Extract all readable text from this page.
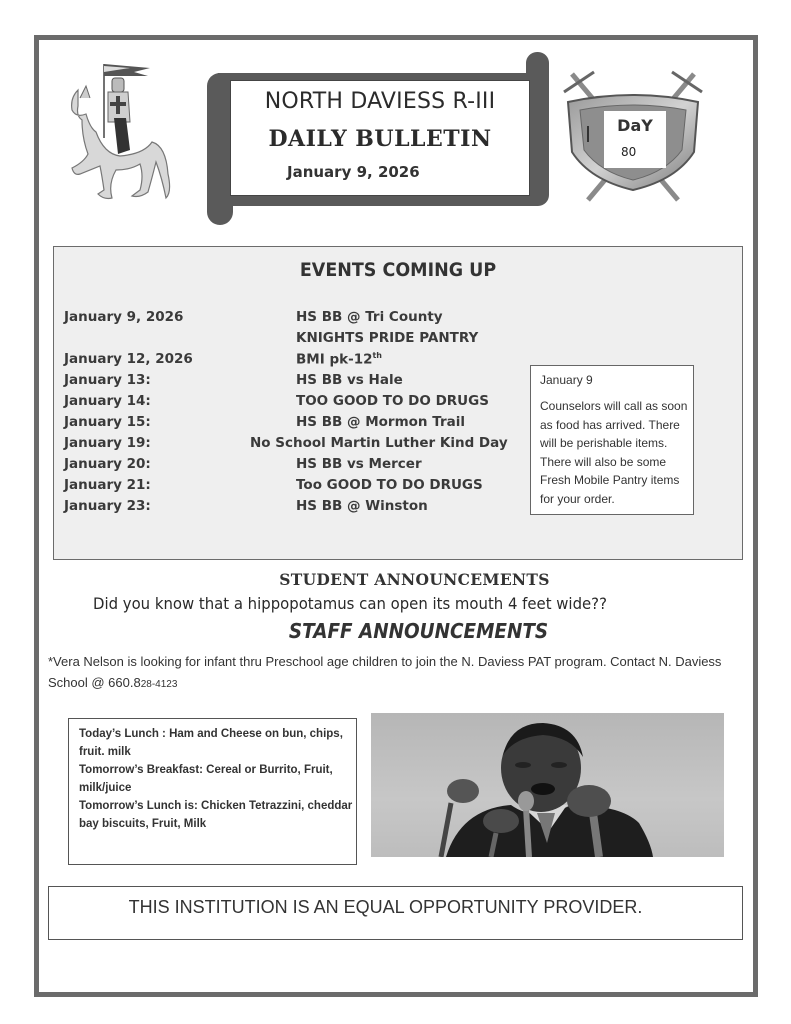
NORTH DAVIESS R-III
DAILY BULLETIN
January 9, 2026
DaY
80
EVENTS COMING UP
January 9, 2026	HS BB @ Tri County
KNIGHTS PRIDE PANTRY
January 12, 2026	BMI pk-12th
January 13:	HS BB vs Hale
January 14:	TOO GOOD TO DO DRUGS
January 15:	HS BB @ Mormon Trail
January 19:	No School Martin Luther Kind Day
January 20:	HS BB vs Mercer
January 21:	Too GOOD TO DO DRUGS
January 23:	HS BB @ Winston
January 9
Counselors will call as soon as food has arrived. There will be perishable items. There will also be some Fresh Mobile Pantry items for your order.
STUDENT ANNOUNCEMENTS
Did you know that a hippopotamus can open its mouth 4 feet wide??
STAFF ANNOUNCEMENTS
*Vera Nelson is looking for infant thru Preschool age children to join the N. Daviess PAT program. Contact N. Daviess School @ 660.828-4123
Today’s Lunch : Ham and Cheese on bun, chips, fruit. milk
Tomorrow’s Breakfast: Cereal or Burrito, Fruit, milk/juice
Tomorrow’s Lunch is: Chicken Tetrazzini, cheddar bay biscuits, Fruit, Milk
THIS INSTITUTION IS AN EQUAL OPPORTUNITY PROVIDER.
